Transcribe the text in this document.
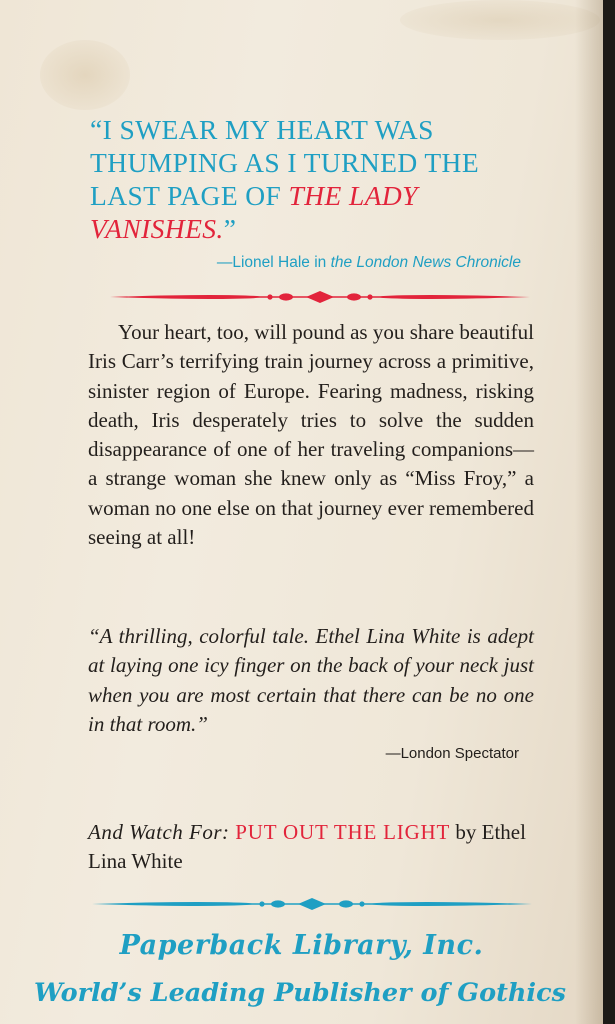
“I SWEAR MY HEART WAS THUMPING AS I TURNED THE LAST PAGE OF THE LADY VANISHES.”

—Lionel Hale in the London News Chronicle

Your heart, too, will pound as you share beautiful Iris Carr’s terrifying train journey across a primitive, sinister region of Europe. Fearing madness, risking death, Iris desperately tries to solve the sudden disappearance of one of her traveling companions—a strange woman she knew only as “Miss Froy,” a woman no one else on that journey ever remembered seeing at all!

“A thrilling, colorful tale. Ethel Lina White is adept at laying one icy finger on the back of your neck just when you are most certain that there can be no one in that room.”

—London Spectator

And Watch For: PUT OUT THE LIGHT by Ethel Lina White

Paperback Library, Inc.
World’s Leading Publisher of Gothics
